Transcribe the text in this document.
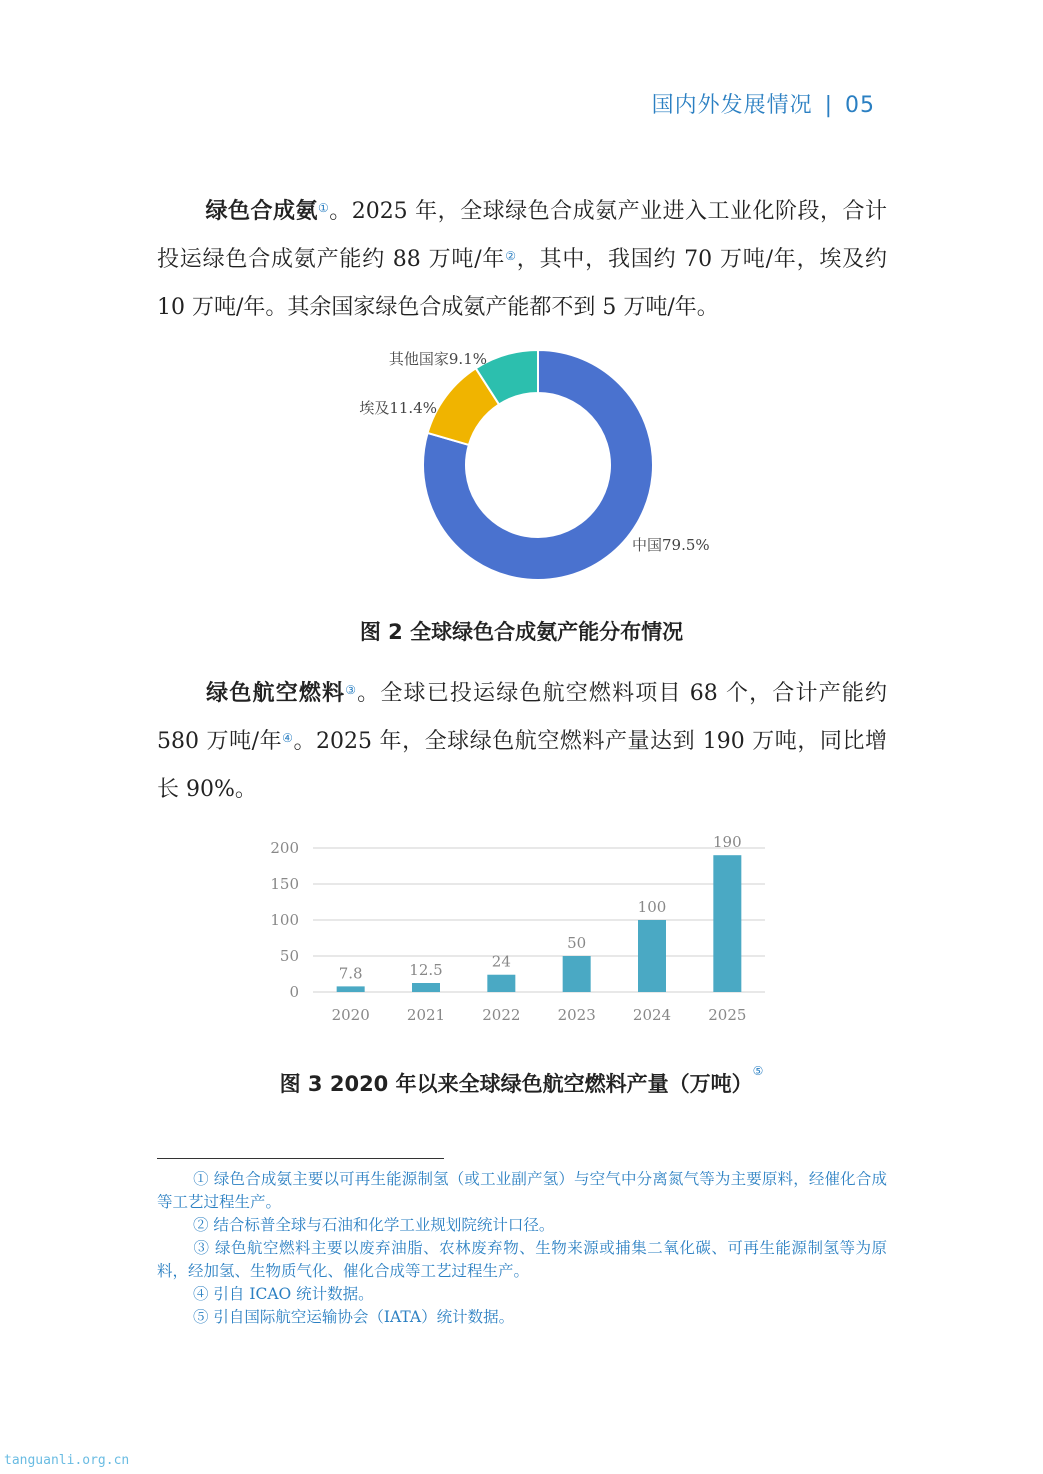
国内外发展情况 | 05

绿色合成氨①。2025 年，全球绿色合成氨产业进入工业化阶段，合计投运绿色合成氨产能约 88 万吨/年②，其中，我国约 70 万吨/年，埃及约 10 万吨/年。其余国家绿色合成氨产能都不到 5 万吨/年。

中国79.5%
埃及11.4%
其他国家9.1%
图 2 全球绿色合成氨产能分布情况

绿色航空燃料③。全球已投运绿色航空燃料项目 68 个，合计产能约 580 万吨/年④。2025 年，全球绿色航空燃料产量达到 190 万吨，同比增长 90%。

0
50
100
150
200
7.8	12.5	24
50
100
190
2020 2021 2022 2023 2024 2025
图 3 2020 年以来全球绿色航空燃料产量（万吨）⑤

① 绿色合成氨主要以可再生能源制氢（或工业副产氢）与空气中分离氮气等为主要原料，经催化合成等工艺过程生产。

② 结合标普全球与石油和化学工业规划院统计口径。

③ 绿色航空燃料主要以废弃油脂、农林废弃物、生物来源或捕集二氧化碳、可再生能源制氢等为原料，经加氢、生物质气化、催化合成等工艺过程生产。

④ 引自 ICAO 统计数据。

⑤ 引自国际航空运输协会（IATA）统计数据。

tanguanli.org.cn
